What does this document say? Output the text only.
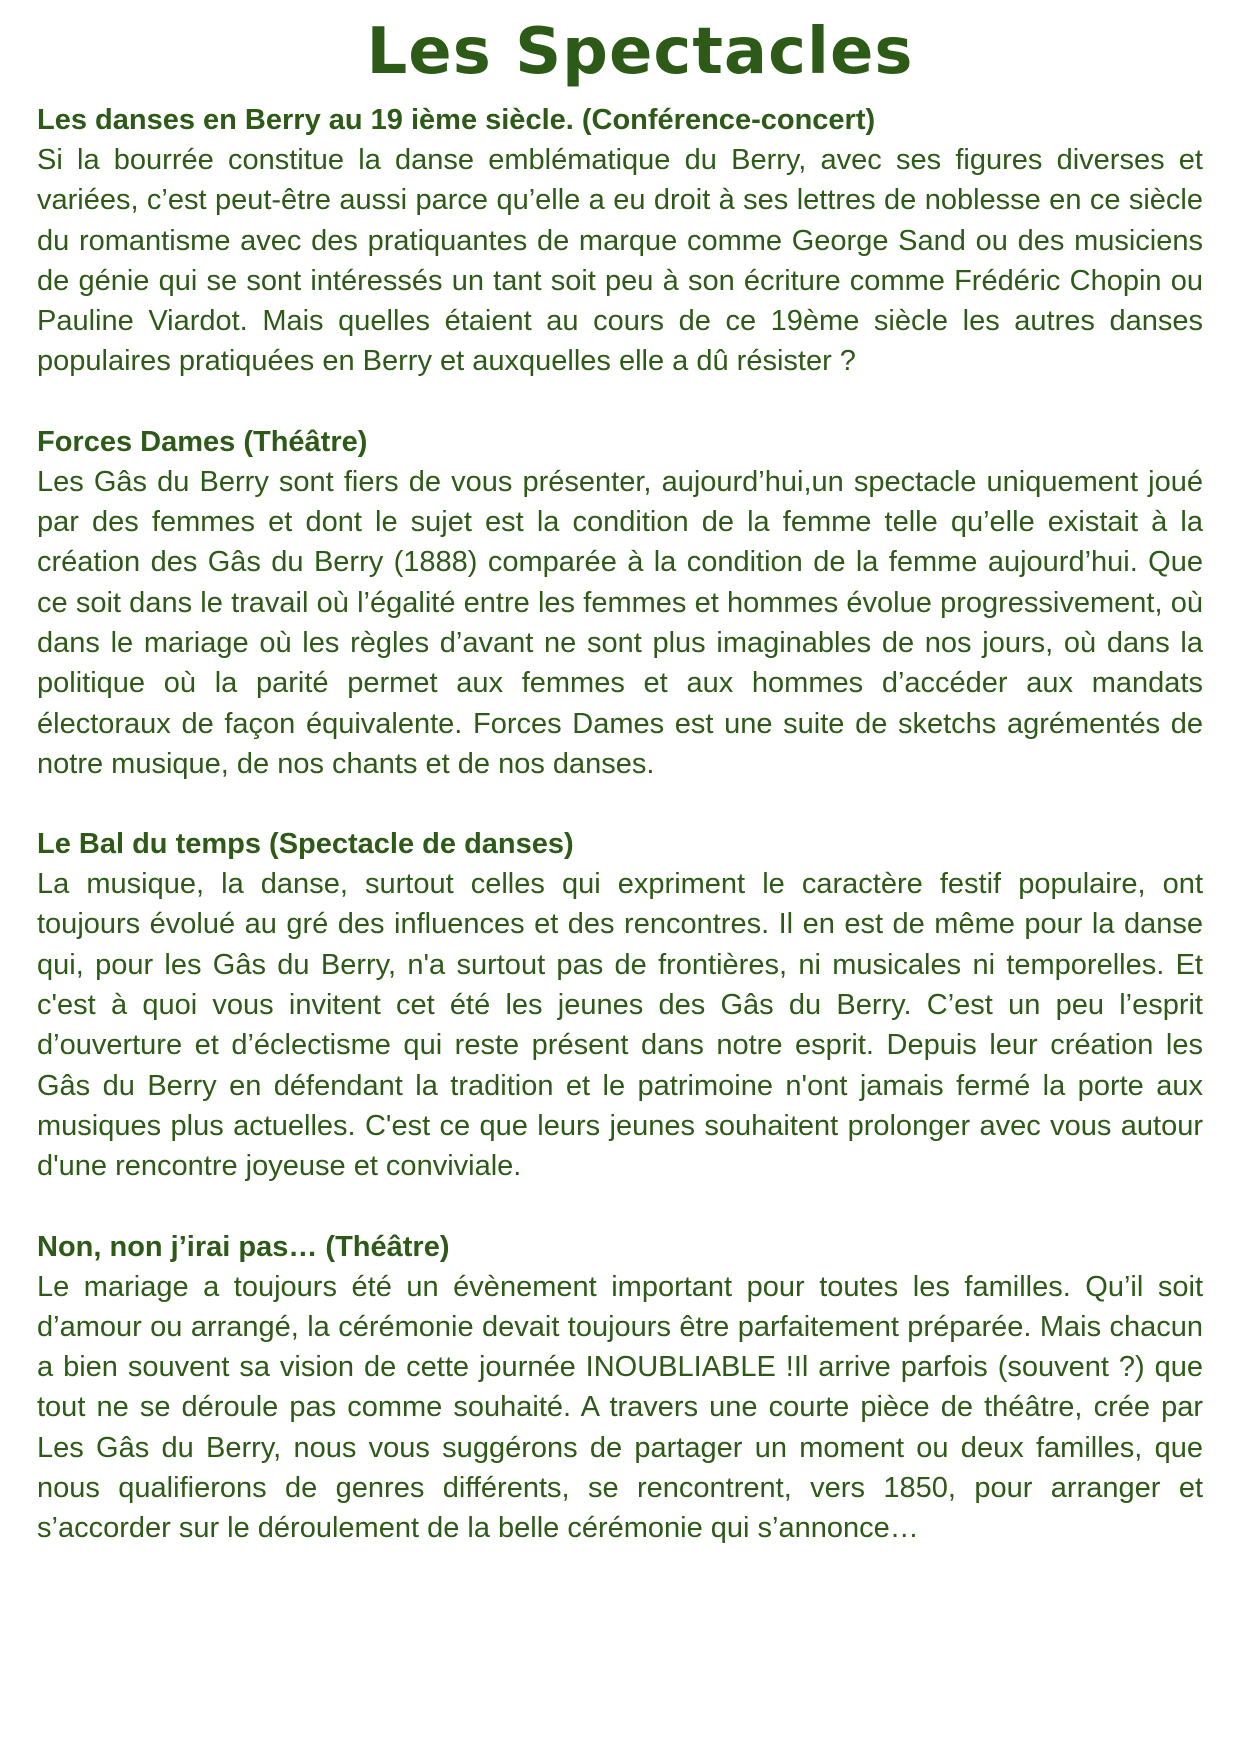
Les Spectacles
Les danses en Berry au 19 ième siècle. (Conférence-concert)

Si la bourrée constitue la danse emblématique du Berry, avec ses figures diverses et variées, c’est peut-être aussi parce qu’elle a eu droit à ses lettres de noblesse en ce siècle du romantisme avec des pratiquantes de marque comme George Sand ou des musiciens de génie qui se sont intéressés un tant soit peu à son écriture comme Frédéric Chopin ou Pauline Viardot. Mais quelles étaient au cours de ce 19ème siècle les autres danses populaires pratiquées en Berry et auxquelles elle a dû résister ?

Forces Dames (Théâtre)

Les Gâs du Berry sont fiers de vous présenter, aujourd’hui,un spectacle uniquement joué par des femmes et dont le sujet est la condition de la femme telle qu’elle existait à la création des Gâs du Berry (1888) comparée à la condition de la femme aujourd’hui. Que ce soit dans le travail où l’égalité entre les femmes et hommes évolue progressivement, où dans le mariage où les règles d’avant ne sont plus imaginables de nos jours, où dans la politique où la parité permet aux femmes et aux hommes d’accéder aux mandats électoraux de façon équivalente. Forces Dames est une suite de sketchs agrémentés de notre musique, de nos chants et de nos danses.

Le Bal du temps (Spectacle de danses)

La musique, la danse, surtout celles qui expriment le caractère festif populaire, ont toujours évolué au gré des influences et des rencontres. Il en est de même pour la danse qui, pour les Gâs du Berry, n'a surtout pas de frontières, ni musicales ni temporelles. Et c'est à quoi vous invitent cet été les jeunes des Gâs du Berry. C’est un peu l’esprit d’ouverture et d’éclectisme qui reste présent dans notre esprit. Depuis leur création les Gâs du Berry en défendant la tradition et le patrimoine n'ont jamais fermé la porte aux musiques plus actuelles. C'est ce que leurs jeunes souhaitent prolonger avec vous autour d'une rencontre joyeuse et conviviale.

Non, non j’irai pas… (Théâtre)

Le mariage a toujours été un évènement important pour toutes les familles. Qu’il soit d’amour ou arrangé, la cérémonie devait toujours être parfaitement préparée. Mais chacun a bien souvent sa vision de cette journée INOUBLIABLE !Il arrive parfois (souvent ?) que tout ne se déroule pas comme souhaité. A travers une courte pièce de théâtre, crée par Les Gâs du Berry, nous vous suggérons de partager un moment ou deux familles, que nous qualifierons de genres différents, se rencontrent, vers 1850, pour arranger et s’accorder sur le déroulement de la belle cérémonie qui s’annonce…
